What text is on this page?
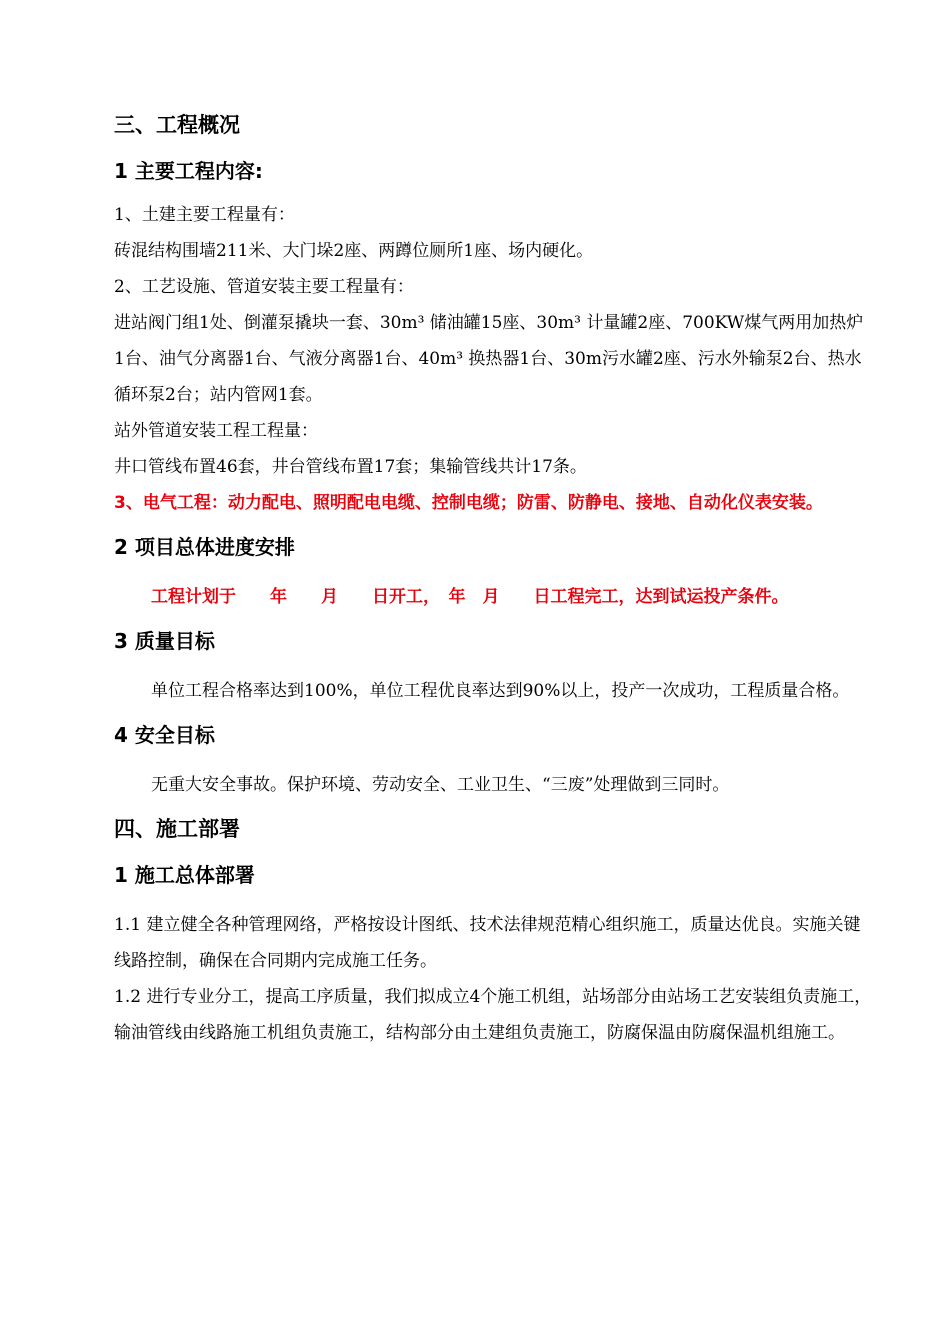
三、工程概况
1 主要工程内容:

1、土建主要工程量有：

砖混结构围墙211米、大门垛2座、两蹲位厕所1座、场内硬化。

2、工艺设施、管道安装主要工程量有：

进站阀门组1处、倒灌泵撬块一套、30m³ 储油罐15座、30m³ 计量罐2座、700KW煤气两用加热炉1台、油气分离器1台、气液分离器1台、40m³ 换热器1台、30m污水罐2座、污水外输泵2台、热水循环泵2台；站内管网1套。

站外管道安装工程工程量：

井口管线布置46套，井台管线布置17套；集输管线共计17条。

3、电气工程：动力配电、照明配电电缆、控制电缆；防雷、防静电、接地、自动化仪表安装。

2 项目总体进度安排

工程计划于　　年　　月　　日开工，　年　月　　日工程完工，达到试运投产条件。

3 质量目标

单位工程合格率达到100%，单位工程优良率达到90%以上，投产一次成功，工程质量合格。

4 安全目标

无重大安全事故。保护环境、劳动安全、工业卫生、“三废”处理做到三同时。

四、施工部署
1 施工总体部署

1.1 建立健全各种管理网络，严格按设计图纸、技术法律规范精心组织施工，质量达优良。实施关键线路控制，确保在合同期内完成施工任务。

1.2 进行专业分工，提高工序质量，我们拟成立4个施工机组，站场部分由站场工艺安装组负责施工，输油管线由线路施工机组负责施工，结构部分由土建组负责施工，防腐保温由防腐保温机组施工。
